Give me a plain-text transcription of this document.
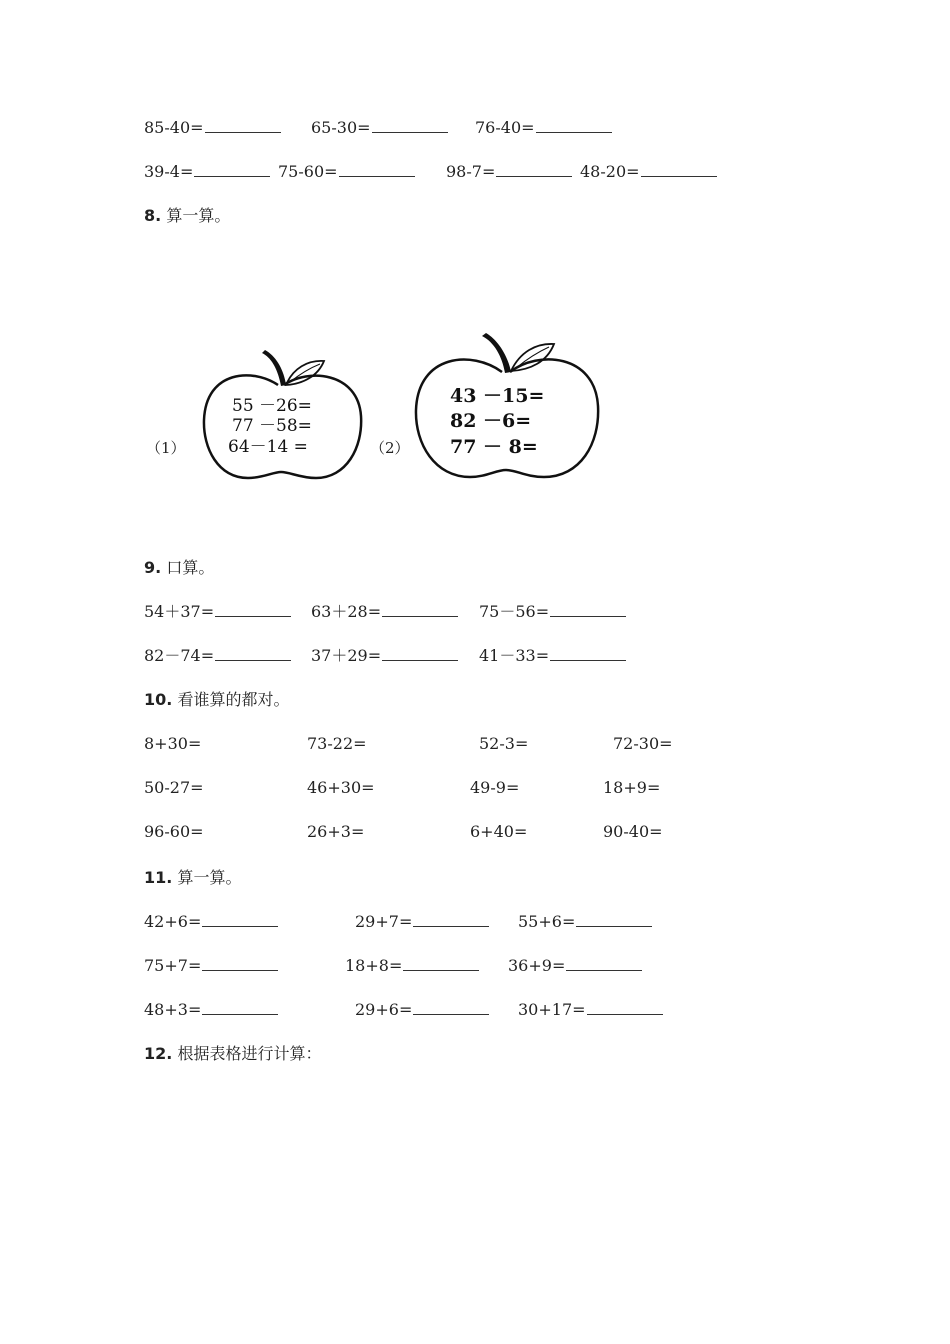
85-40=	65-30=	76-40=
39-4=	75-60=	98-7=	48-20=
8. 算一算。
（1）
55 －26=
77 －58=
64－14 =	（2）
43 －15=
82 －6=
77 － 8=
9. 口算。
54＋37=	63＋28=	75－56=
82－74=	37＋29=	41－33=
10. 看谁算的都对。
8+30=	73-22=	52-3=	72-30=
50-27=	46+30=	49-9=	18+9=
96-60=	26+3=	6+40=	90-40=
11. 算一算。
42+6=	29+7=	55+6=
75+7=	18+8=	36+9=
48+3=	29+6=	30+17=
12. 根据表格进行计算：
